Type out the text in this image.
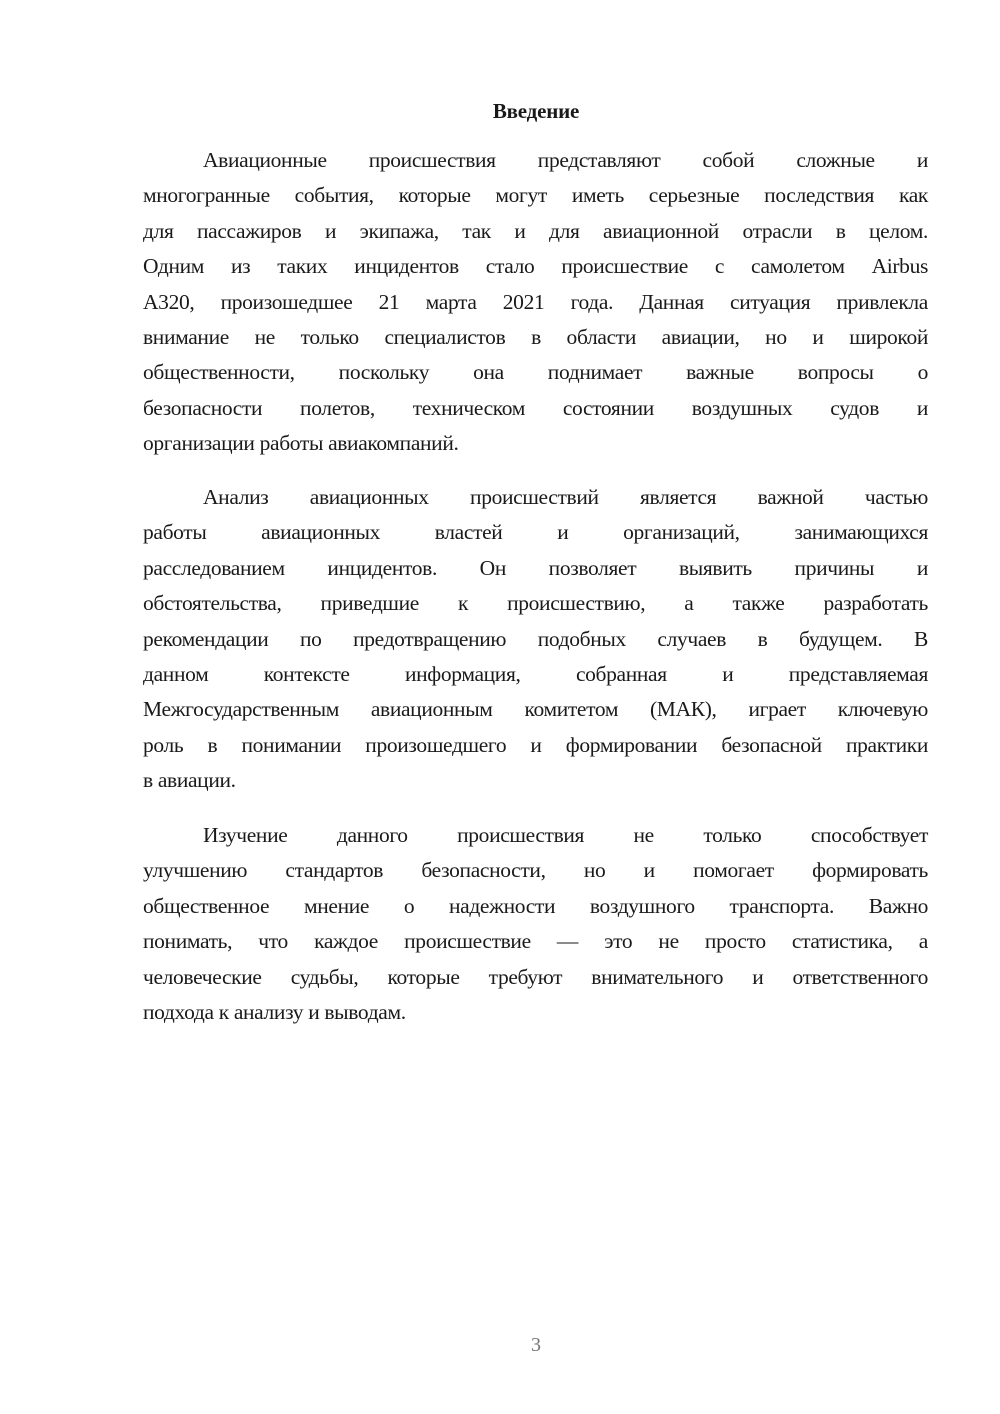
Введение
Авиационные происшествия представляют собой сложные и
многогранные события, которые могут иметь серьезные последствия как
для пассажиров и экипажа, так и для авиационной отрасли в целом.
Одним из таких инцидентов стало происшествие с самолетом Airbus
А320, произошедшее 21 марта 2021 года. Данная ситуация привлекла
внимание не только специалистов в области авиации, но и широкой
общественности, поскольку она поднимает важные вопросы о
безопасности полетов, техническом состоянии воздушных судов и
организации работы авиакомпаний.
Анализ авиационных происшествий является важной частью
работы авиационных властей и организаций, занимающихся
расследованием инцидентов. Он позволяет выявить причины и
обстоятельства, приведшие к происшествию, а также разработать
рекомендации по предотвращению подобных случаев в будущем. В
данном контексте информация, собранная и представляемая
Межгосударственным авиационным комитетом (МАК), играет ключевую
роль в понимании произошедшего и формировании безопасной практики
в авиации.
Изучение данного происшествия не только способствует
улучшению стандартов безопасности, но и помогает формировать
общественное мнение о надежности воздушного транспорта. Важно
понимать, что каждое происшествие — это не просто статистика, а
человеческие судьбы, которые требуют внимательного и ответственного
подхода к анализу и выводам.
3
